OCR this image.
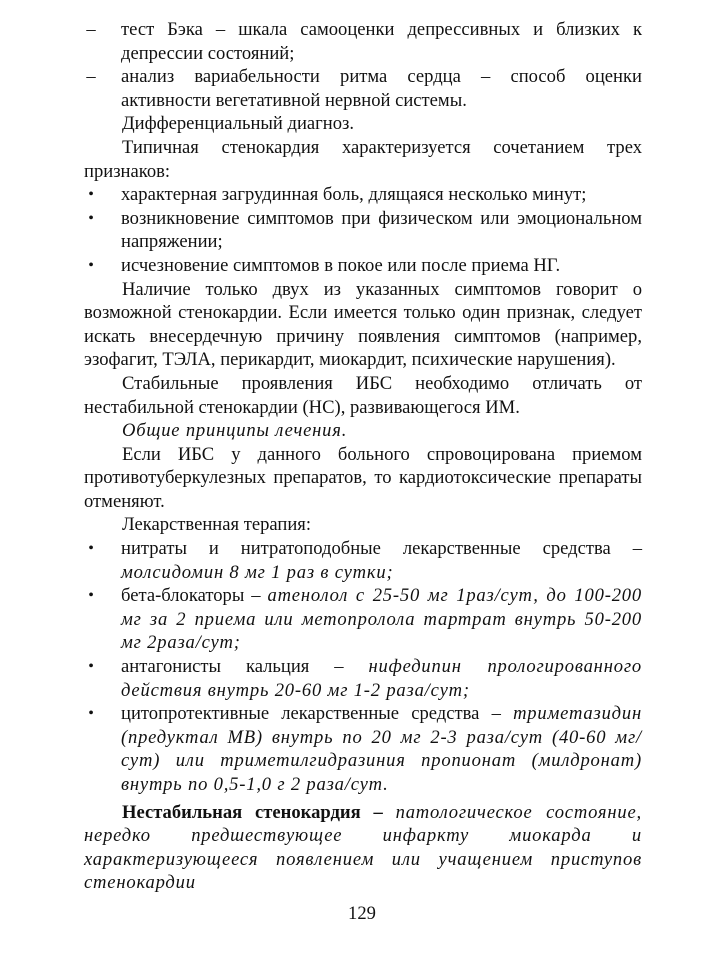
– тест Бэка – шкала самооценки депрессивных и близких к депрессии состояний;

– анализ вариабельности ритма сердца – способ оценки активности вегетативной нервной системы.

Дифференциальный диагноз.

Типичная стенокардия характеризуется сочетанием трех признаков:

• характерная загрудинная боль, длящаяся несколько минут;

• возникновение симптомов при физическом или эмоциональном напряжении;

• исчезновение симптомов в покое или после приема НГ.

Наличие только двух из указанных симптомов говорит о возможной стенокардии. Если имеется только один признак, следует искать внесердечную причину появления симптомов (например, эзофагит, ТЭЛА, перикардит, миокардит, психические нарушения).

Стабильные проявления ИБС необходимо отличать от нестабильной стенокардии (НС), развивающегося ИМ.

Общие принципы лечения.

Если ИБС у данного больного спровоцирована приемом противотуберкулезных препаратов, то кардиотоксические препараты отменяют.

Лекарственная терапия:

• нитраты и нитратоподобные лекарственные средства – молсидомин 8 мг 1 раз в сутки;

• бета-блокаторы – атенолол с 25-50 мг 1раз/сут, до 100-200 мг за 2 приема или метопролола тартрат внутрь 50-200 мг 2раза/сут;

• антагонисты кальция – нифедипин прологированного действия внутрь 20-60 мг 1-2 раза/сут;

• цитопротективные лекарственные средства – триметазидин (предуктал МВ) внутрь по 20 мг 2-3 раза/сут (40-60 мг/сут) или триметилгидразиния пропионат (милдронат) внутрь по 0,5-1,0 г 2 раза/сут.

Нестабильная стенокардия – патологическое состояние, нередко предшествующее инфаркту миокарда и характеризующееся появлением или учащением приступов стенокардии

129
